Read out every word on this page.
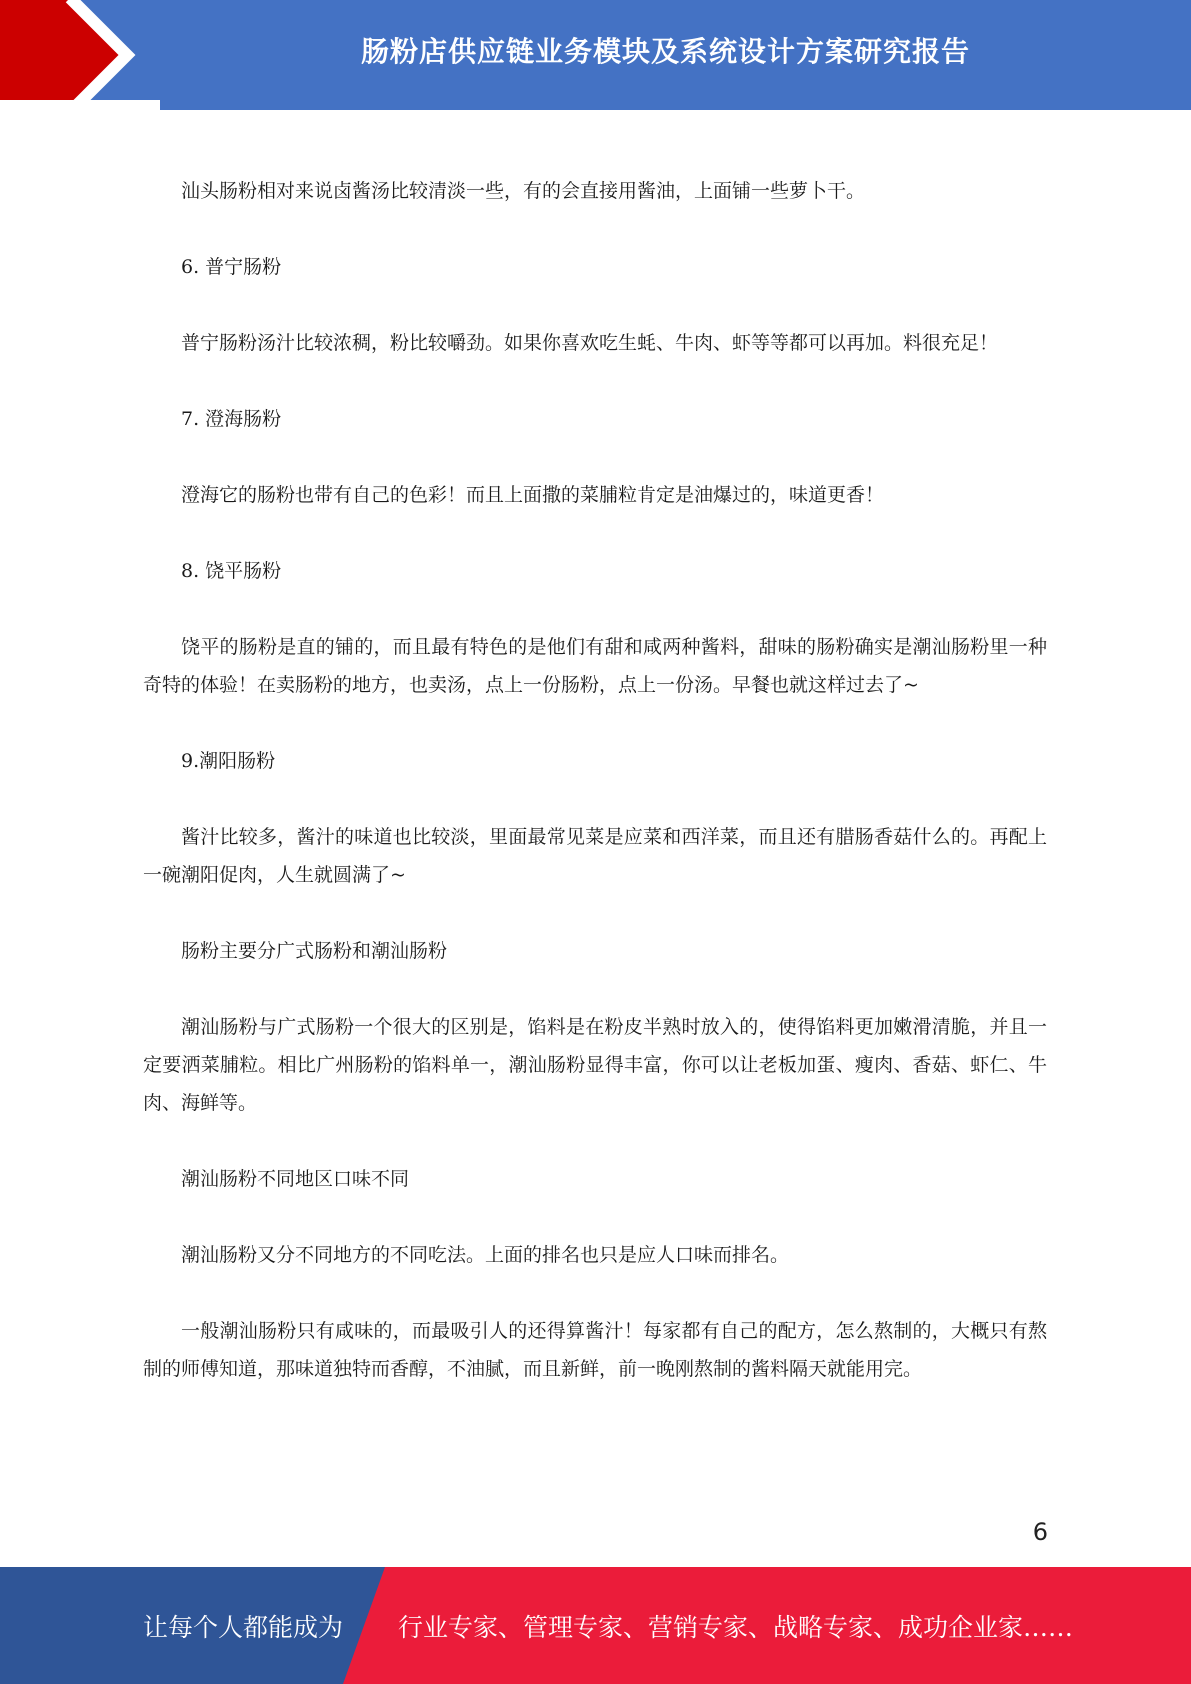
肠粉店供应链业务模块及系统设计方案研究报告

汕头肠粉相对来说卤酱汤比较清淡一些，有的会直接用酱油，上面铺一些萝卜干。

6. 普宁肠粉

普宁肠粉汤汁比较浓稠，粉比较嚼劲。如果你喜欢吃生蚝、牛肉、虾等等都可以再加。料很充足！

7. 澄海肠粉

澄海它的肠粉也带有自己的色彩！而且上面撒的菜脯粒肯定是油爆过的，味道更香！

8. 饶平肠粉

饶平的肠粉是直的铺的，而且最有特色的是他们有甜和咸两种酱料，甜味的肠粉确实是潮汕肠粉里一种奇特的体验！在卖肠粉的地方，也卖汤，点上一份肠粉，点上一份汤。早餐也就这样过去了~

9.潮阳肠粉

酱汁比较多，酱汁的味道也比较淡，里面最常见菜是应菜和西洋菜，而且还有腊肠香菇什么的。再配上一碗潮阳促肉，人生就圆满了~

肠粉主要分广式肠粉和潮汕肠粉

潮汕肠粉与广式肠粉一个很大的区别是，馅料是在粉皮半熟时放入的，使得馅料更加嫩滑清脆，并且一定要洒菜脯粒。相比广州肠粉的馅料单一，潮汕肠粉显得丰富，你可以让老板加蛋、瘦肉、香菇、虾仁、牛肉、海鲜等。

潮汕肠粉不同地区口味不同

潮汕肠粉又分不同地方的不同吃法。上面的排名也只是应人口味而排名。

一般潮汕肠粉只有咸味的，而最吸引人的还得算酱汁！每家都有自己的配方，怎么熬制的，大概只有熬制的师傅知道，那味道独特而香醇，不油腻，而且新鲜，前一晚刚熬制的酱料隔天就能用完。

6
让每个人都能成为 行业专家、管理专家、营销专家、战略专家、成功企业家……
